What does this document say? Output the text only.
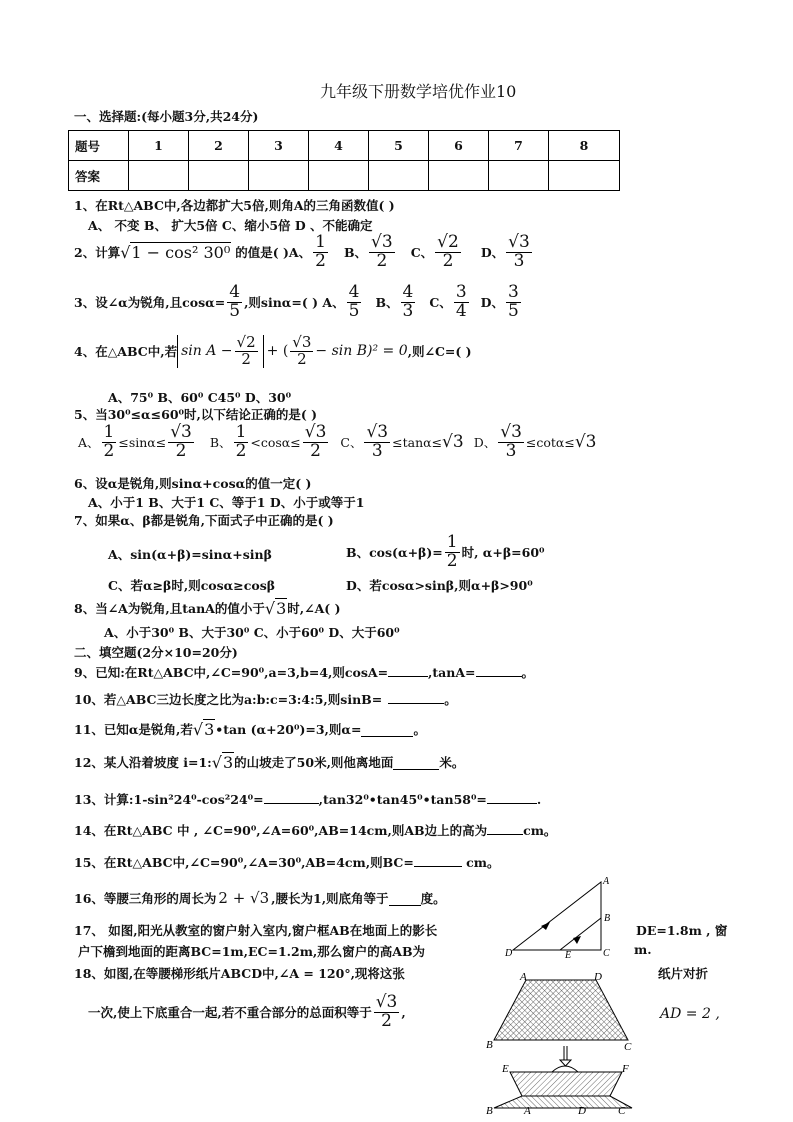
九年级下册数学培优作业10
一、选择题:(每小题3分,共24分)
题号	1	2	3	4	5	6	7	8
答案								
1、在Rt△ABC中,各边都扩大5倍,则角A的三角函数值( )
A、 不变 B、 扩大5倍 C、缩小5倍 D 、不能确定
2、计算 √1 − cos² 30⁰ 的值是( )A、 $\frac{1}{2}$ B、 $\frac{√3}{2}$ C、 $\frac{√2}{2}$ D、 $\frac{√3}{3}$
3、设∠α为锐角,且$\cos\alpha= \frac{4}{5}$ ,则sinα=( ) A、 $\frac{4}{5}$ B、 $\frac{4}{3}$ C、 $\frac{3}{4}$ D、 $\frac{3}{5}$
4、在△ABC中,若 $\sin A - \frac{√2}{2}$ + ( $\frac{√3}{2} - \sin B)^2 = 0$ ,则∠C=( )
A、75⁰ B、60⁰ C45⁰ D、30⁰
5、当30⁰≤α≤60⁰时,以下结论正确的是( )
A、 $\frac{1}{2} \le\sin\alpha\le \frac{√3}{2}$ B、 $\frac{1}{2} <\cos\alpha\le \frac{√3}{2}$ C、 $\frac{√3}{3} \le\tan\alpha\le √3$ D、 $\frac{√3}{3} \le\cot\alpha\le √3$
6、设α是锐角,则sinα+cosα的值一定( )
A、小于1 B、大于1 C、等于1 D、小于或等于1
7、如果α、β都是锐角,下面式子中正确的是( )
A、sin(α+β)=sinα+sinβ	B、$\cos(\alpha+\beta)= \frac{1}{2}$ 时, α+β=60⁰
C、若α≥β时,则cosα≥cosβ	D、若cosα>sinβ,则α+β>90⁰
8、当∠A为锐角,且tanA的值小于 √3 时,∠A( )
A、小于30⁰ B、大于30⁰ C、小于60⁰ D、大于60⁰
二、填空题(2分×10=20分)
9、已知:在Rt△ABC中,∠C=90⁰,a=3,b=4,则cosA=	,tanA=	。
10、若△ABC三边长度之比为a:b:c=3:4:5,则sinB=	。
11、已知α是锐角,若 √3 •tan (α+20⁰)=3,则α=	。
12、某人沿着坡度 i=1: √3 的山坡走了50米,则他离地面	米。
13、计算:1-sin²24⁰-cos²24⁰=	,tan32⁰•tan45⁰•tan58⁰=	.
14、在Rt△ABC 中 , ∠C=90⁰,∠A=60⁰,AB=14cm,则AB边上的高为	cm。
15、在Rt△ABC中,∠C=90⁰,∠A=30⁰,AB=4cm,则BC=	cm。
16、等腰三角形的周长为 2 + √3 ,腰长为1,则底角等于	度。
17、 如图,阳光从教室的窗户射入室内,窗户框AB在地面上的影长	DE=1.8m , 窗
户下檐到地面的距离BC=1m,EC=1.2m,那么窗户的高AB为	m.
18、如图,在等腰梯形纸片ABCD中,∠A = 120°,现将这张	纸片对折
一次,使上下底重合一起,若不重合部分的总面积等于 $\frac{√3}{2}$ ,	AD = 2 ,
A
B
C
D	E
A	D
B	C
E	F
B	A	D	C
